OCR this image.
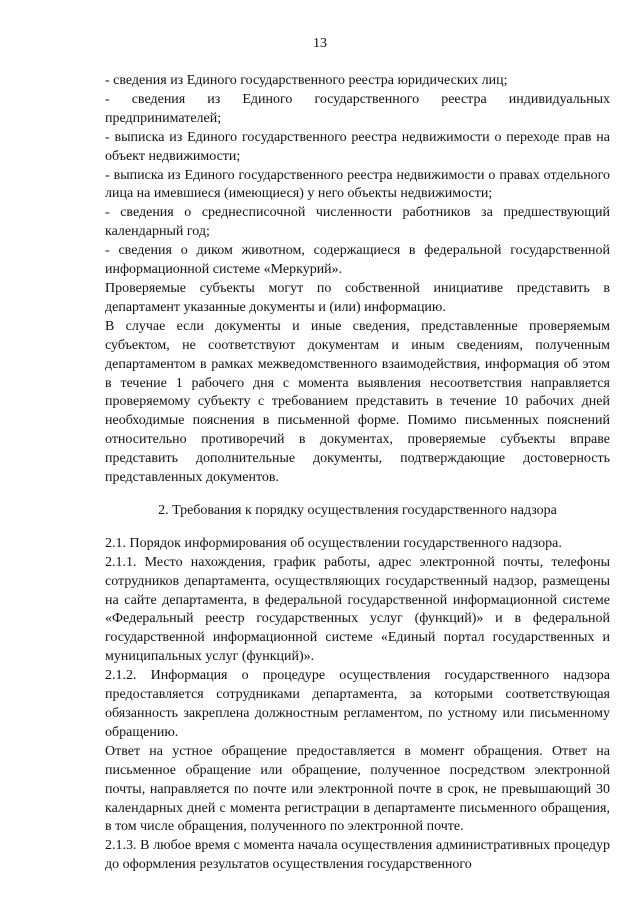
13

- сведения из Единого государственного реестра юридических лиц;

- сведения из Единого государственного реестра индивидуальных предпринимателей;

- выписка из Единого государственного реестра недвижимости о переходе прав на объект недвижимости;

- выписка из Единого государственного реестра недвижимости о правах отдельного лица на имевшиеся (имеющиеся) у него объекты недвижимости;

- сведения о среднесписочной численности работников за предшествующий календарный год;

- сведения о диком животном, содержащиеся в федеральной государственной информационной системе «Меркурий».

Проверяемые субъекты могут по собственной инициативе представить в департамент указанные документы и (или) информацию.

В случае если документы и иные сведения, представленные проверяемым субъектом, не соответствуют документам и иным сведениям, полученным департаментом в рамках межведомственного взаимодействия, информация об этом в течение 1 рабочего дня с момента выявления несоответствия направляется проверяемому субъекту с требованием представить в течение 10 рабочих дней необходимые пояснения в письменной форме. Помимо письменных пояснений относительно противоречий в документах, проверяемые субъекты вправе представить дополнительные документы, подтверждающие достоверность представленных документов.

2. Требования к порядку осуществления государственного надзора

2.1. Порядок информирования об осуществлении государственного надзора.

2.1.1. Место нахождения, график работы, адрес электронной почты, телефоны сотрудников департамента, осуществляющих государственный надзор, размещены на сайте департамента, в федеральной государственной информационной системе «Федеральный реестр государственных услуг (функций)» и в федеральной государственной информационной системе «Единый портал государственных и муниципальных услуг (функций)».

2.1.2. Информация о процедуре осуществления государственного надзора предоставляется сотрудниками департамента, за которыми соответствующая обязанность закреплена должностным регламентом, по устному или письменному обращению.

Ответ на устное обращение предоставляется в момент обращения. Ответ на письменное обращение или обращение, полученное посредством электронной почты, направляется по почте или электронной почте в срок, не превышающий 30 календарных дней с момента регистрации в департаменте письменного обращения, в том числе обращения, полученного по электронной почте.

2.1.3. В любое время с момента начала осуществления административных процедур до оформления результатов осуществления государственного
